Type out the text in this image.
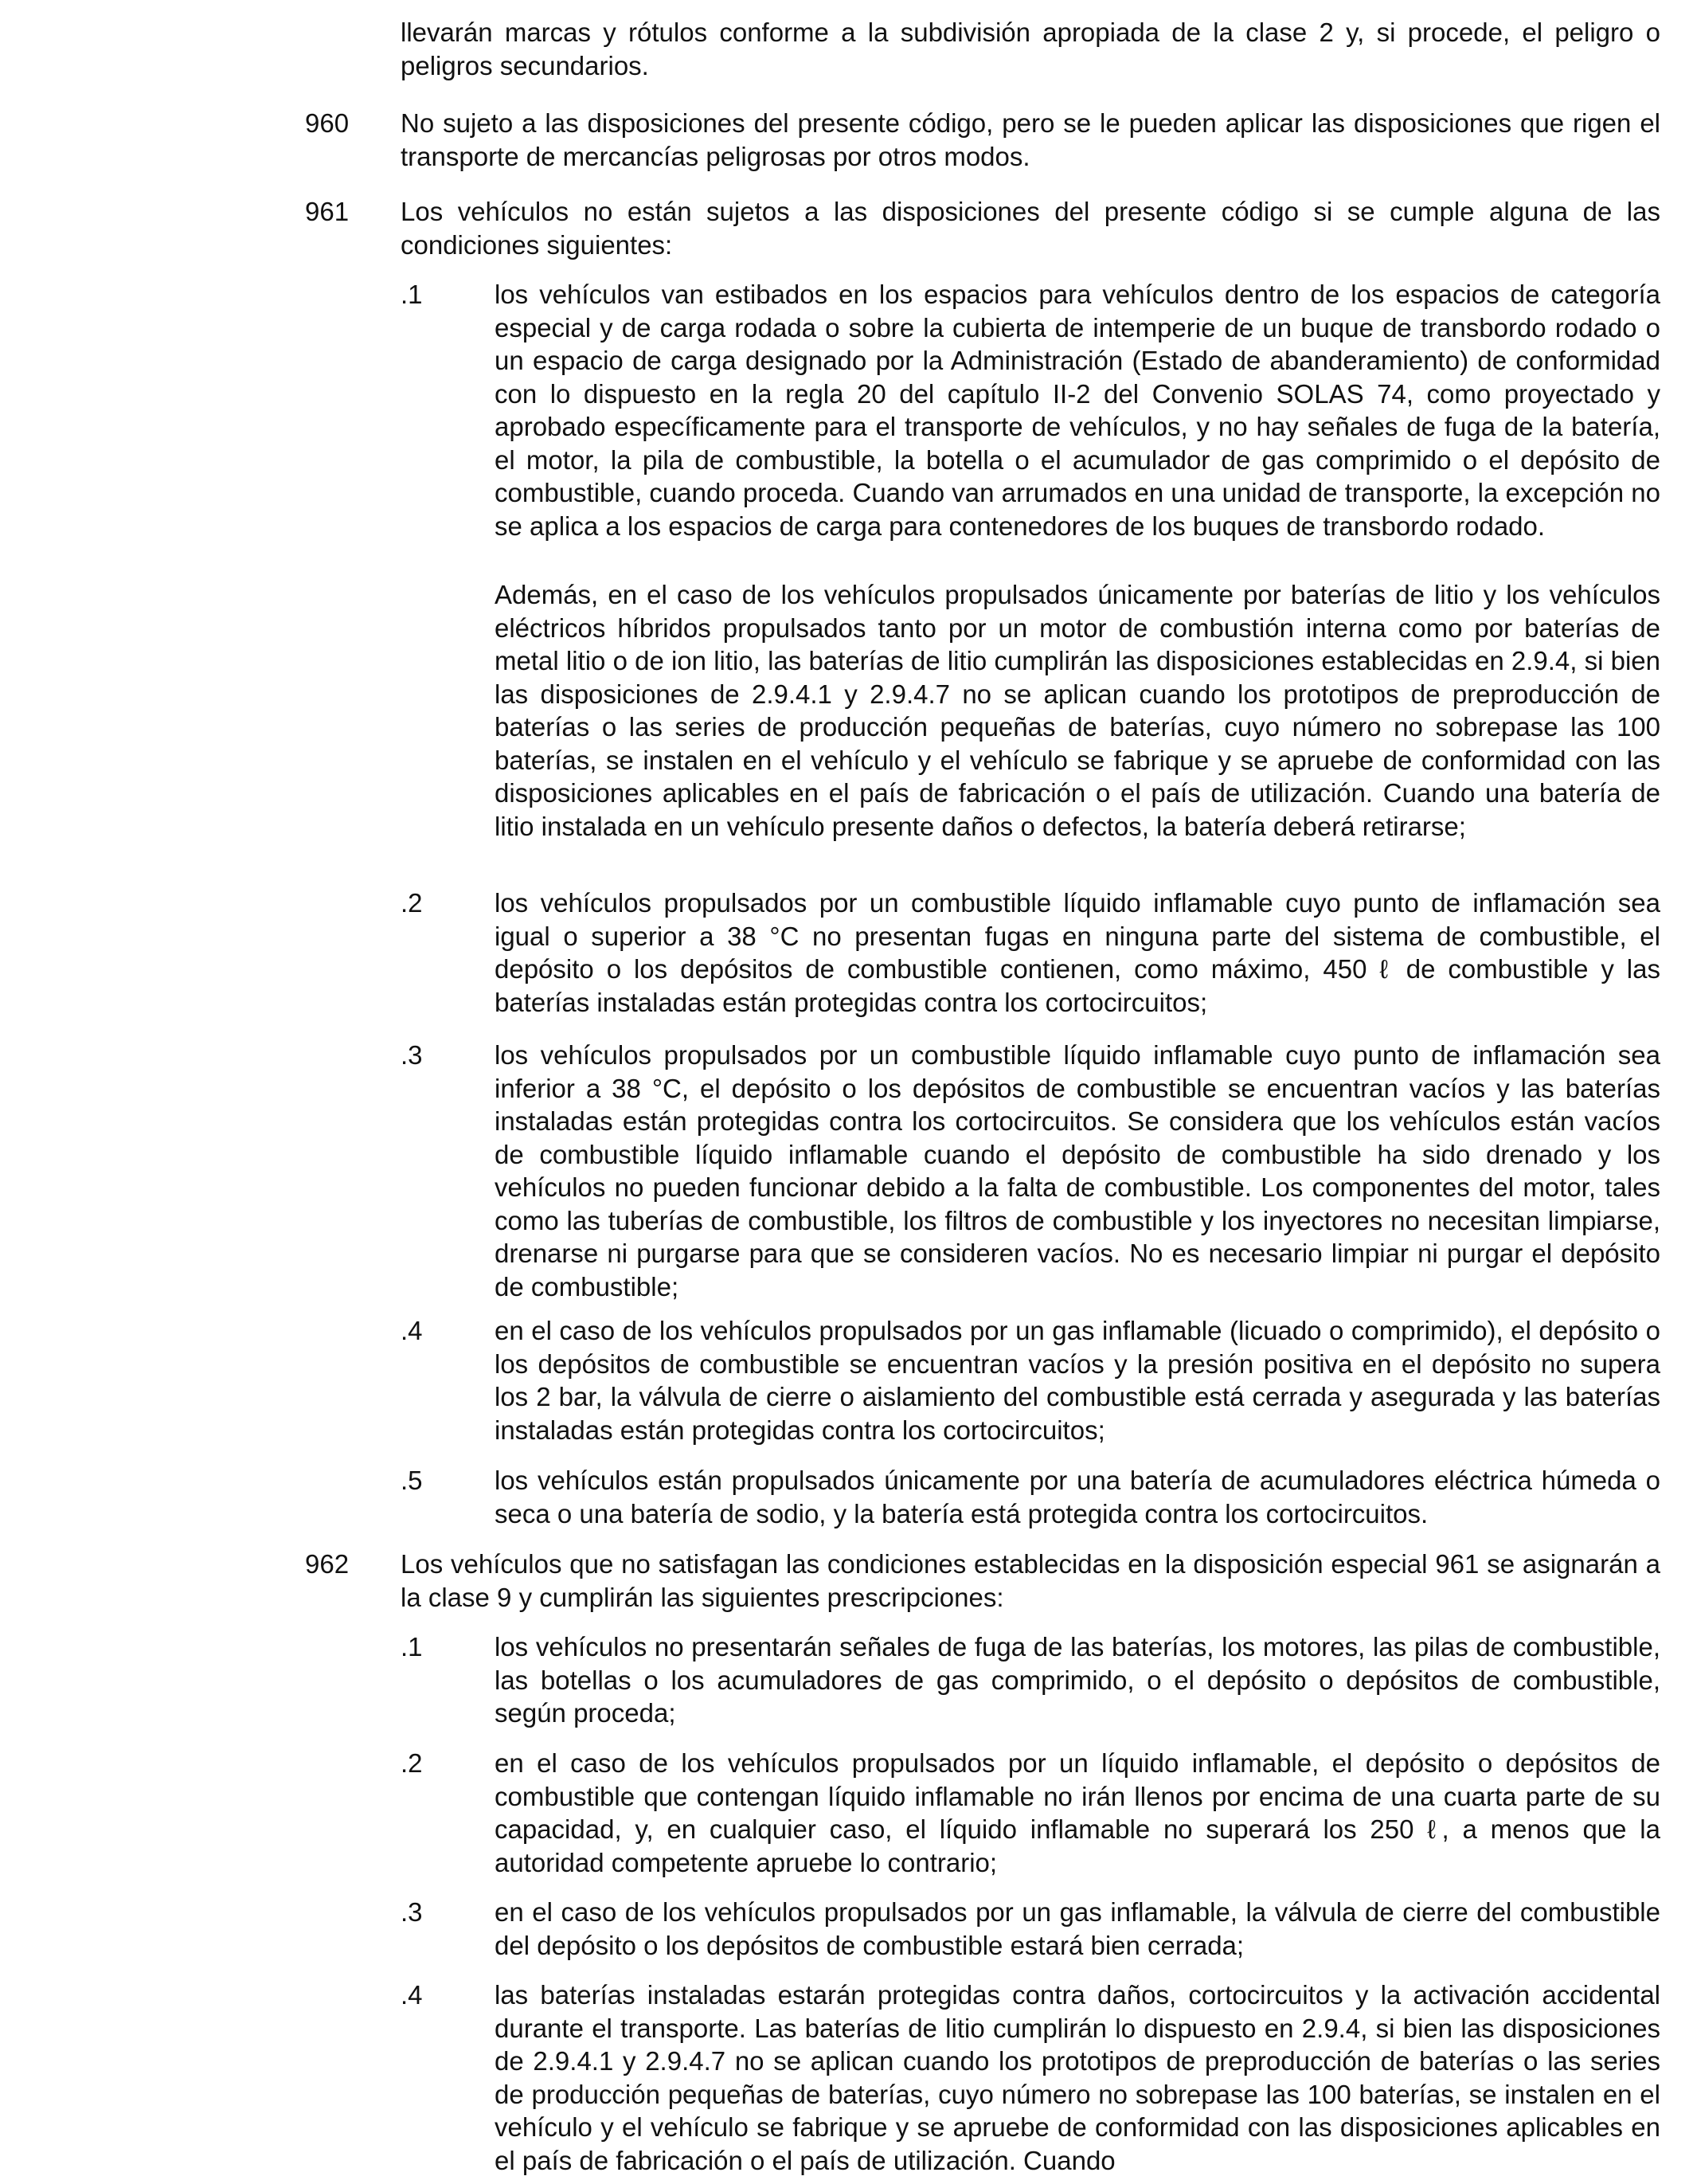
llevarán marcas y rótulos conforme a la subdivisión apropiada de la clase 2 y, si procede, el peligro o peligros secundarios.

960 No sujeto a las disposiciones del presente código, pero se le pueden aplicar las disposiciones que rigen el transporte de mercancías peligrosas por otros modos.

961 Los vehículos no están sujetos a las disposiciones del presente código si se cumple alguna de las condiciones siguientes:

.1	los vehículos van estibados en los espacios para vehículos dentro de los espacios de categoría especial y de carga rodada o sobre la cubierta de intemperie de un buque de transbordo rodado o un espacio de carga designado por la Administración (Estado de abanderamiento) de conformidad con lo dispuesto en la regla 20 del capítulo II-2 del Convenio SOLAS 74, como proyectado y aprobado específicamente para el transporte de vehículos, y no hay señales de fuga de la batería, el motor, la pila de combustible, la botella o el acumulador de gas comprimido o el depósito de combustible, cuando proceda. Cuando van arrumados en una unidad de transporte, la excepción no se aplica a los espacios de carga para contenedores de los buques de transbordo rodado.

Además, en el caso de los vehículos propulsados únicamente por baterías de litio y los vehículos eléctricos híbridos propulsados tanto por un motor de combustión interna como por baterías de metal litio o de ion litio, las baterías de litio cumplirán las disposiciones establecidas en 2.9.4, si bien las disposiciones de 2.9.4.1 y 2.9.4.7 no se aplican cuando los prototipos de preproducción de baterías o las series de producción pequeñas de baterías, cuyo número no sobrepase las 100 baterías, se instalen en el vehículo y el vehículo se fabrique y se apruebe de conformidad con las disposiciones aplicables en el país de fabricación o el país de utilización. Cuando una batería de litio instalada en un vehículo presente daños o defectos, la batería deberá retirarse;

.2	los vehículos propulsados por un combustible líquido inflamable cuyo punto de inflamación sea igual o superior a 38 °C no presentan fugas en ninguna parte del sistema de combustible, el depósito o los depósitos de combustible contienen, como máximo, 450 ℓ de combustible y las baterías instaladas están protegidas contra los cortocircuitos;

.3	los vehículos propulsados por un combustible líquido inflamable cuyo punto de inflamación sea inferior a 38 °C, el depósito o los depósitos de combustible se encuentran vacíos y las baterías instaladas están protegidas contra los cortocircuitos. Se considera que los vehículos están vacíos de combustible líquido inflamable cuando el depósito de combustible ha sido drenado y los vehículos no pueden funcionar debido a la falta de combustible. Los componentes del motor, tales como las tuberías de combustible, los filtros de combustible y los inyectores no necesitan limpiarse, drenarse ni purgarse para que se consideren vacíos. No es necesario limpiar ni purgar el depósito de combustible;

.4	en el caso de los vehículos propulsados por un gas inflamable (licuado o comprimido), el depósito o los depósitos de combustible se encuentran vacíos y la presión positiva en el depósito no supera los 2 bar, la válvula de cierre o aislamiento del combustible está cerrada y asegurada y las baterías instaladas están protegidas contra los cortocircuitos;

.5	los vehículos están propulsados únicamente por una batería de acumuladores eléctrica húmeda o seca o una batería de sodio, y la batería está protegida contra los cortocircuitos.

962 Los vehículos que no satisfagan las condiciones establecidas en la disposición especial 961 se asignarán a la clase 9 y cumplirán las siguientes prescripciones:

.1	los vehículos no presentarán señales de fuga de las baterías, los motores, las pilas de combustible, las botellas o los acumuladores de gas comprimido, o el depósito o depósitos de combustible, según proceda;

.2	en el caso de los vehículos propulsados por un líquido inflamable, el depósito o depósitos de combustible que contengan líquido inflamable no irán llenos por encima de una cuarta parte de su capacidad, y, en cualquier caso, el líquido inflamable no superará los 250 ℓ, a menos que la autoridad competente apruebe lo contrario;

.3	en el caso de los vehículos propulsados por un gas inflamable, la válvula de cierre del combustible del depósito o los depósitos de combustible estará bien cerrada;

.4	las baterías instaladas estarán protegidas contra daños, cortocircuitos y la activación accidental durante el transporte. Las baterías de litio cumplirán lo dispuesto en 2.9.4, si bien las disposiciones de 2.9.4.1 y 2.9.4.7 no se aplican cuando los prototipos de preproducción de baterías o las series de producción pequeñas de baterías, cuyo número no sobrepase las 100 baterías, se instalen en el vehículo y el vehículo se fabrique y se apruebe de conformidad con las disposiciones aplicables en el país de fabricación o el país de utilización. Cuando
